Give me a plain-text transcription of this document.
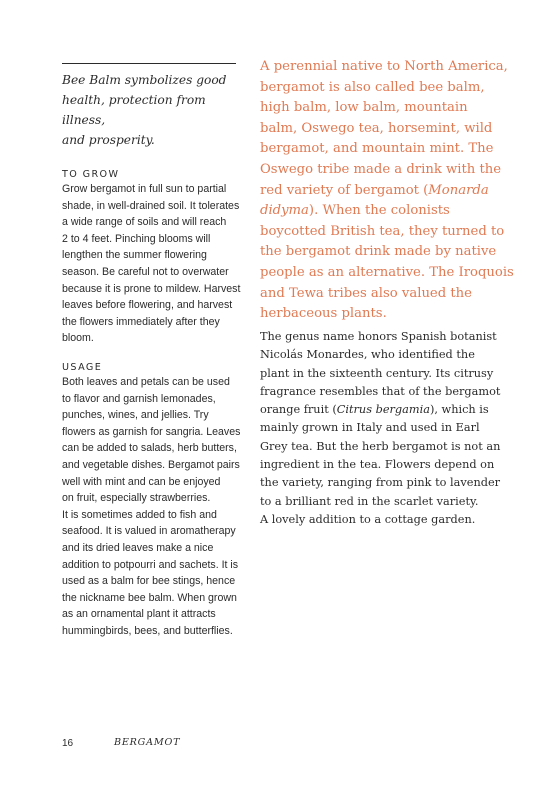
Bee Balm symbolizes good
health, protection from illness,
and prosperity.
TO GROW
Grow bergamot in full sun to partial
shade, in well-drained soil. It tolerates
a wide range of soils and will reach
2 to 4 feet. Pinching blooms will
lengthen the summer flowering
season. Be careful not to overwater
because it is prone to mildew. Harvest
leaves before flowering, and harvest
the flowers immediately after they
bloom.
USAGE
Both leaves and petals can be used
to flavor and garnish lemonades,
punches, wines, and jellies. Try
flowers as garnish for sangria. Leaves
can be added to salads, herb butters,
and vegetable dishes. Bergamot pairs
well with mint and can be enjoyed
on fruit, especially strawberries.
It is sometimes added to fish and
seafood. It is valued in aromatherapy
and its dried leaves make a nice
addition to potpourri and sachets. It is
used as a balm for bee stings, hence
the nickname bee balm. When grown
as an ornamental plant it attracts
hummingbirds, bees, and butterflies.
A perennial native to North America,
bergamot is also called bee balm,
high balm, low balm, mountain
balm, Oswego tea, horsemint, wild
bergamot, and mountain mint. The
Oswego tribe made a drink with the
red variety of bergamot (Monarda
didyma). When the colonists
boycotted British tea, they turned to
the bergamot drink made by native
people as an alternative. The Iroquois
and Tewa tribes also valued the
herbaceous plants.
The genus name honors Spanish botanist
Nicolás Monardes, who identified the
plant in the sixteenth century. Its citrusy
fragrance resembles that of the bergamot
orange fruit (Citrus bergamia), which is
mainly grown in Italy and used in Earl
Grey tea. But the herb bergamot is not an
ingredient in the tea. Flowers depend on
the variety, ranging from pink to lavender
to a brilliant red in the scarlet variety.
A lovely addition to a cottage garden.
16	BERGAMOT
